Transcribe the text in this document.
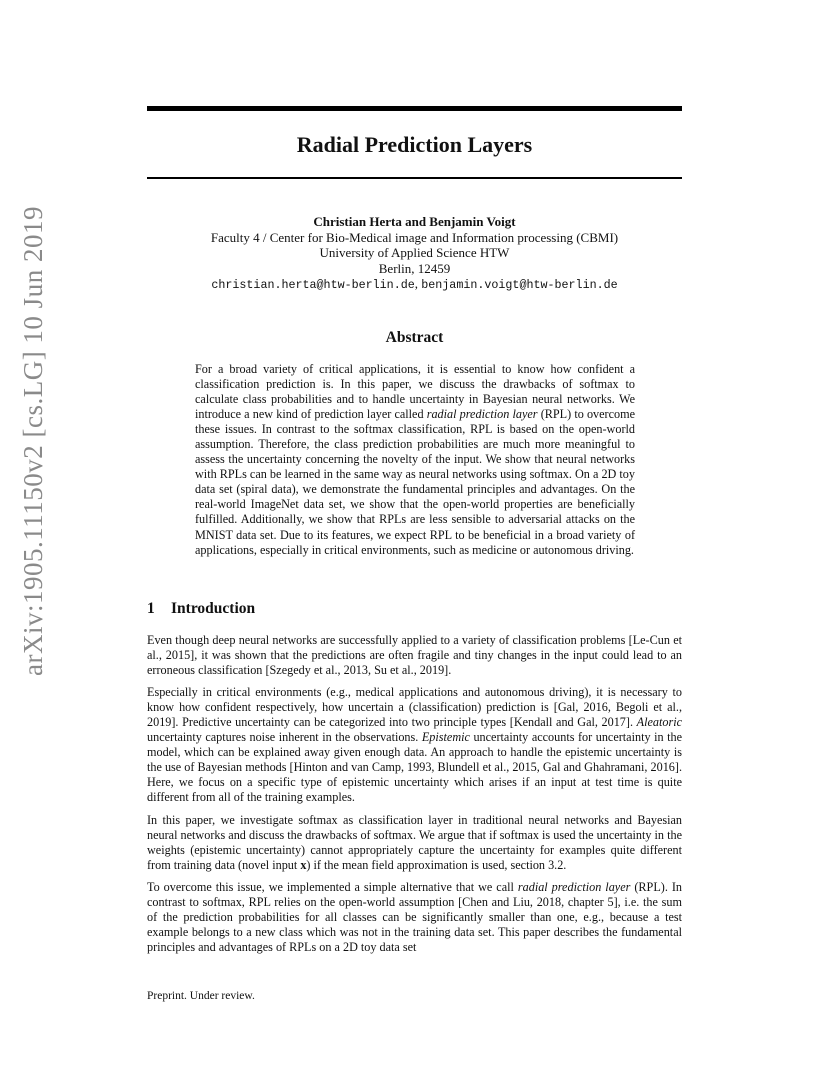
arXiv:1905.11150v2 [cs.LG] 10 Jun 2019
Radial Prediction Layers
Christian Herta and Benjamin Voigt
Faculty 4 / Center for Bio-Medical image and Information processing (CBMI)
University of Applied Science HTW
Berlin, 12459
christian.herta@htw-berlin.de, benjamin.voigt@htw-berlin.de
Abstract
For a broad variety of critical applications, it is essential to know how confident a classification prediction is. In this paper, we discuss the drawbacks of softmax to calculate class probabilities and to handle uncertainty in Bayesian neural networks. We introduce a new kind of prediction layer called radial prediction layer (RPL) to overcome these issues. In contrast to the softmax classification, RPL is based on the open-world assumption. Therefore, the class prediction probabilities are much more meaningful to assess the uncertainty concerning the novelty of the input. We show that neural networks with RPLs can be learned in the same way as neural networks using softmax. On a 2D toy data set (spiral data), we demonstrate the fundamental principles and advantages. On the real-world ImageNet data set, we show that the open-world properties are beneficially fulfilled. Additionally, we show that RPLs are less sensible to adversarial attacks on the MNIST data set. Due to its features, we expect RPL to be beneficial in a broad variety of applications, especially in critical environments, such as medicine or autonomous driving.
1 Introduction

Even though deep neural networks are successfully applied to a variety of classification problems [Le-Cun et al., 2015], it was shown that the predictions are often fragile and tiny changes in the input could lead to an erroneous classification [Szegedy et al., 2013, Su et al., 2019].

Especially in critical environments (e.g., medical applications and autonomous driving), it is necessary to know how confident respectively, how uncertain a (classification) prediction is [Gal, 2016, Begoli et al., 2019]. Predictive uncertainty can be categorized into two principle types [Kendall and Gal, 2017]. Aleatoric uncertainty captures noise inherent in the observations. Epistemic uncertainty accounts for uncertainty in the model, which can be explained away given enough data. An approach to handle the epistemic uncertainty is the use of Bayesian methods [Hinton and van Camp, 1993, Blundell et al., 2015, Gal and Ghahramani, 2016]. Here, we focus on a specific type of epistemic uncertainty which arises if an input at test time is quite different from all of the training examples.

In this paper, we investigate softmax as classification layer in traditional neural networks and Bayesian neural networks and discuss the drawbacks of softmax. We argue that if softmax is used the uncertainty in the weights (epistemic uncertainty) cannot appropriately capture the uncertainty for examples quite different from training data (novel input x) if the mean field approximation is used, section 3.2.

To overcome this issue, we implemented a simple alternative that we call radial prediction layer (RPL). In contrast to softmax, RPL relies on the open-world assumption [Chen and Liu, 2018, chapter 5], i.e. the sum of the prediction probabilities for all classes can be significantly smaller than one, e.g., because a test example belongs to a new class which was not in the training data set. This paper describes the fundamental principles and advantages of RPLs on a 2D toy data set

Preprint. Under review.
